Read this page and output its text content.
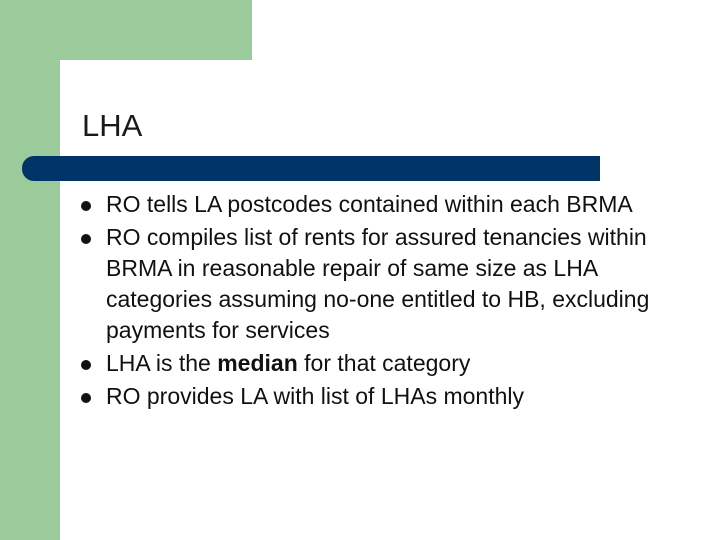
LHA
RO tells LA postcodes contained within each BRMA
RO compiles list of rents for assured tenancies within BRMA in reasonable repair of same size as LHA categories assuming no-one entitled to HB, excluding payments for services
LHA is the median for that category
RO provides LA with list of LHAs monthly
